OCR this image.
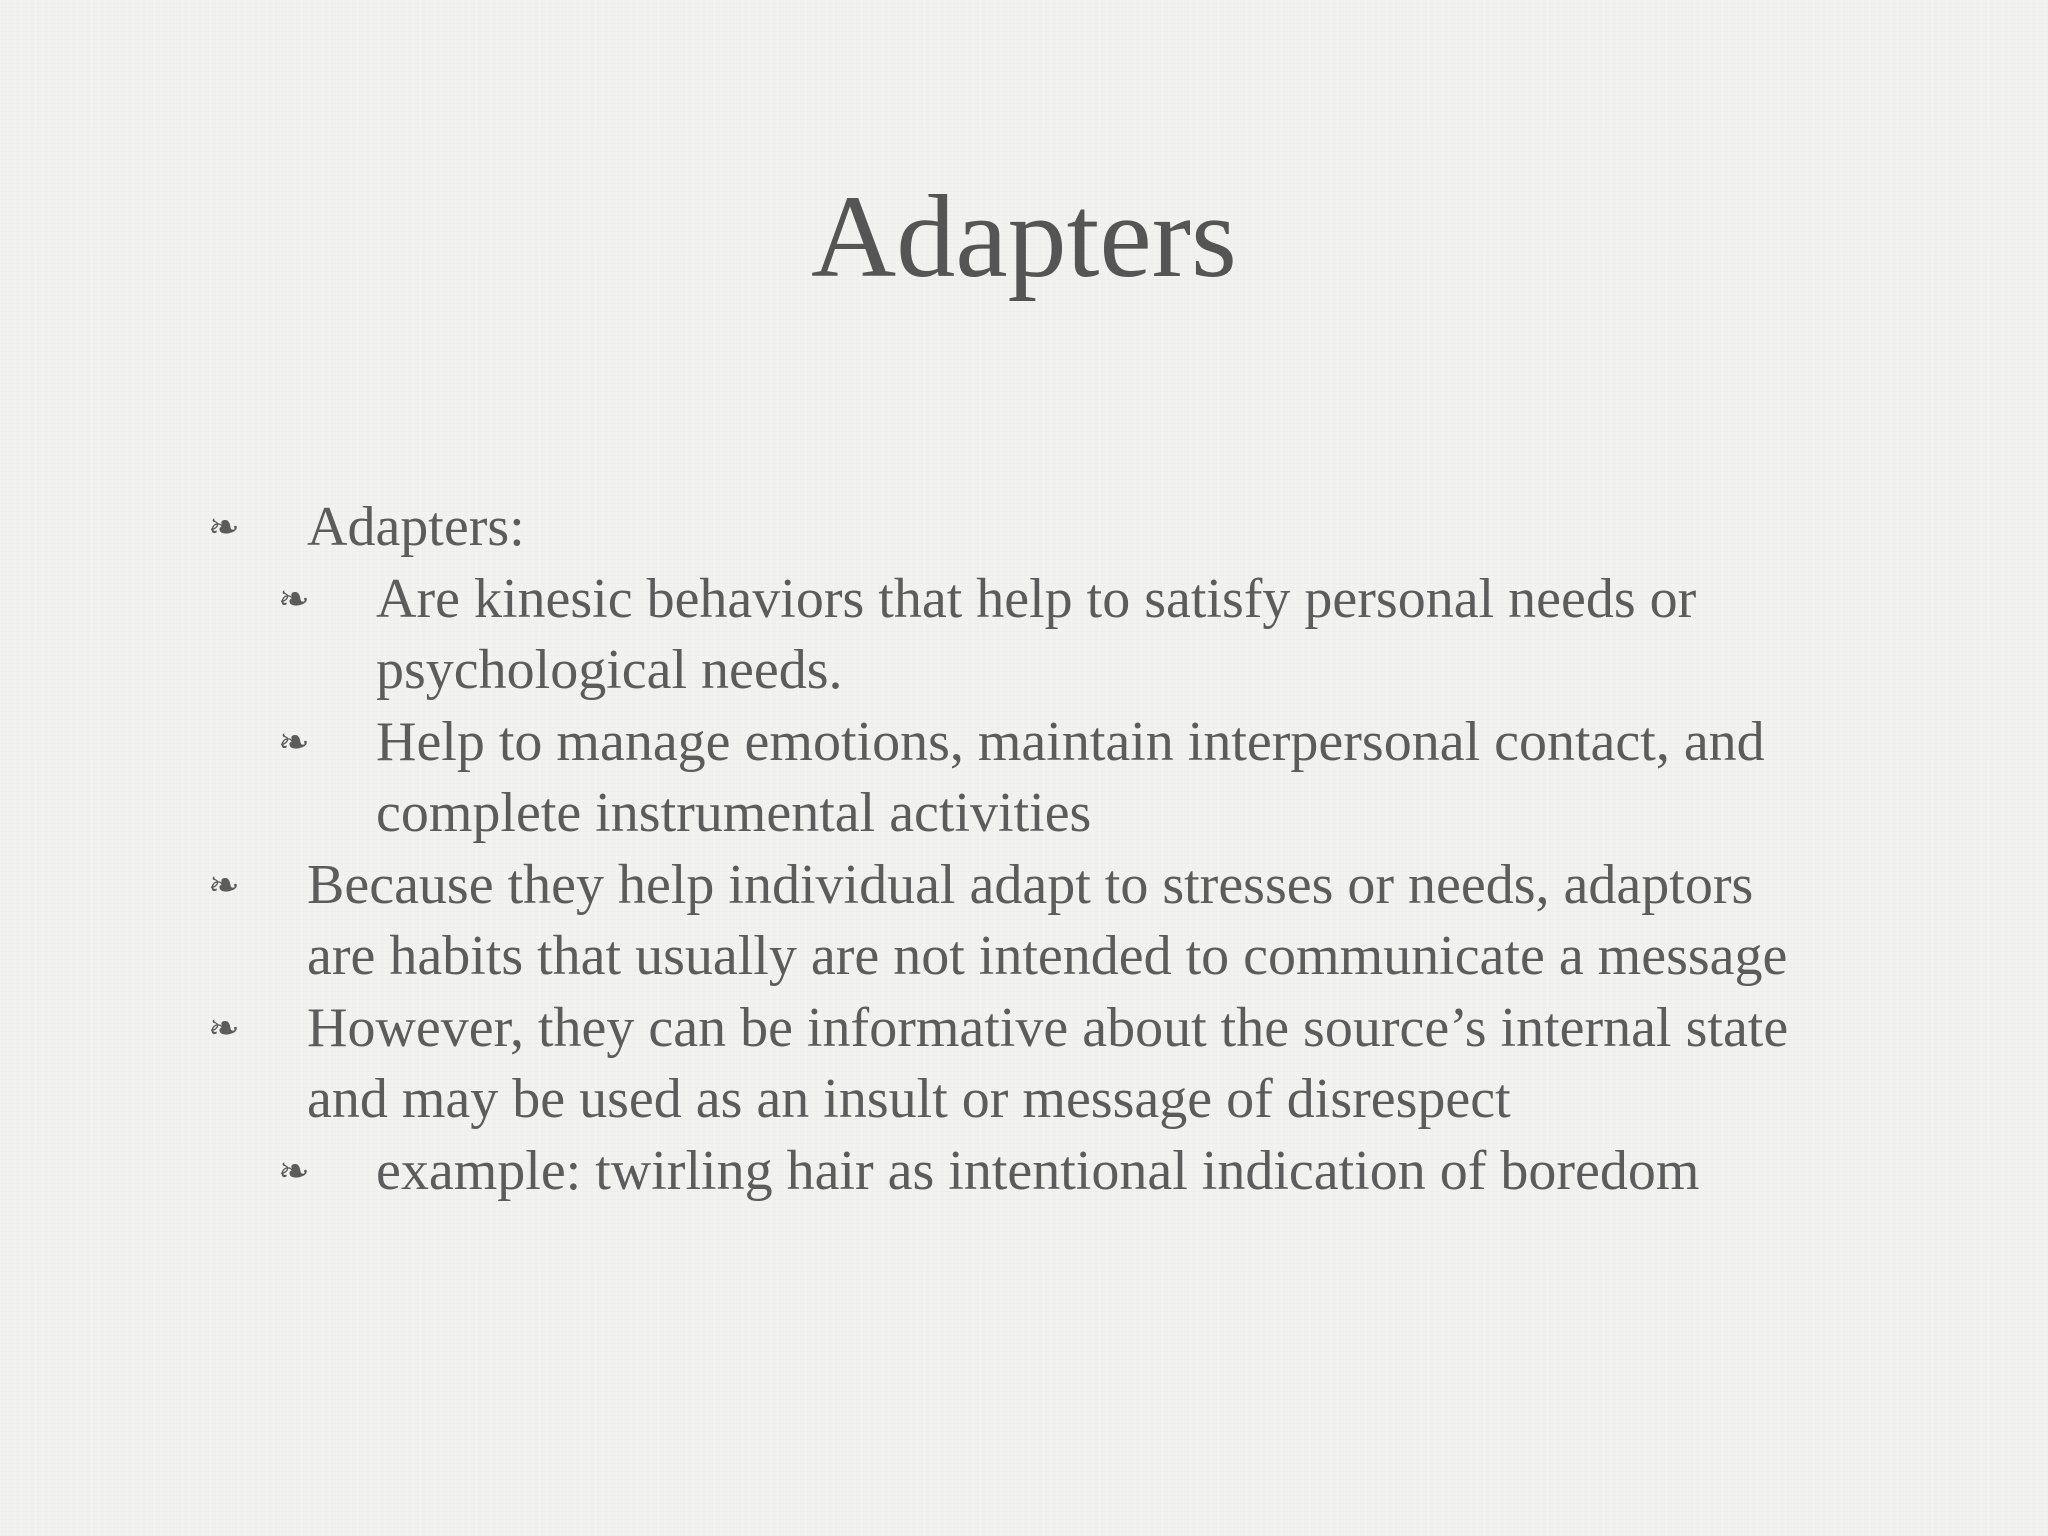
Adapters
❧ Adapters:
❧ Are kinesic behaviors that help to satisfy personal needs or psychological needs.
❧ Help to manage emotions, maintain interpersonal contact, and complete instrumental activities
❧ Because they help individual adapt to stresses or needs, adaptors are habits that usually are not intended to communicate a message
❧ However, they can be informative about the source’s internal state and may be used as an insult or message of disrespect
❧ example: twirling hair as intentional indication of boredom
